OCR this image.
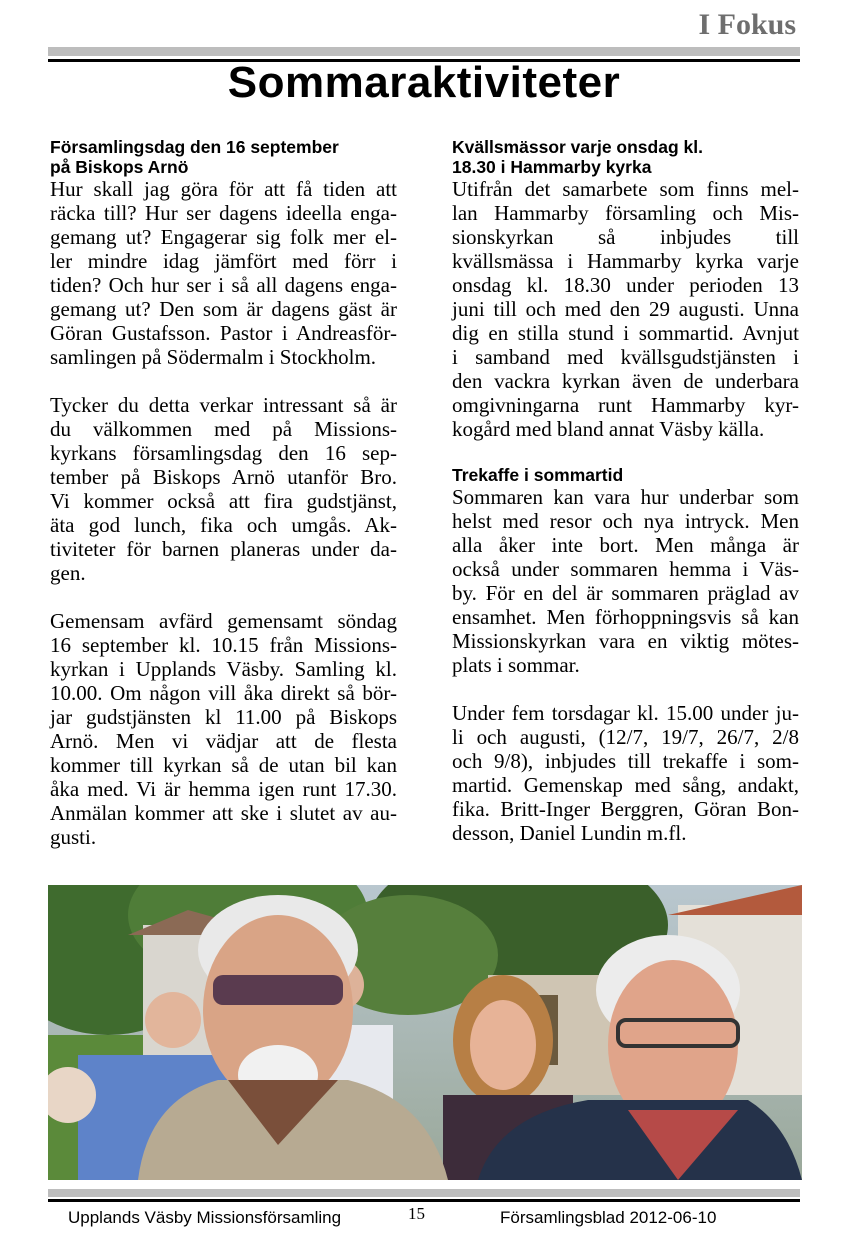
I Fokus
Sommaraktiviteter
Församlingsdag den 16 september
på Biskops Arnö
Hur skall jag göra för att få tiden att
räcka till? Hur ser dagens ideella enga-
gemang ut? Engagerar sig folk mer el-
ler mindre idag jämfört med förr i
tiden? Och hur ser i så all dagens enga-
gemang ut? Den som är dagens gäst är
Göran Gustafsson. Pastor i Andreasför-
samlingen på Södermalm i Stockholm.
Tycker du detta verkar intressant så är
du välkommen med på Missions-
kyrkans församlingsdag den 16 sep-
tember på Biskops Arnö utanför Bro.
Vi kommer också att fira gudstjänst,
äta god lunch, fika och umgås. Ak-
tiviteter för barnen planeras under da-
gen.
Gemensam avfärd gemensamt söndag
16 september kl. 10.15 från Missions-
kyrkan i Upplands Väsby. Samling kl.
10.00. Om någon vill åka direkt så bör-
jar gudstjänsten kl 11.00 på Biskops
Arnö. Men vi vädjar att de flesta
kommer till kyrkan så de utan bil kan
åka med. Vi är hemma igen runt 17.30.
Anmälan kommer att ske i slutet av au-
gusti.
Kvällsmässor varje onsdag kl.
18.30 i Hammarby kyrka
Utifrån det samarbete som finns mel-
lan Hammarby församling och Mis-
sionskyrkan så inbjudes till
kvällsmässa i Hammarby kyrka varje
onsdag kl. 18.30 under perioden 13
juni till och med den 29 augusti. Unna
dig en stilla stund i sommartid. Avnjut
i samband med kvällsgudstjänsten i
den vackra kyrkan även de underbara
omgivningarna runt Hammarby kyr-
kogård med bland annat Väsby källa.
Trekaffe i sommartid
Sommaren kan vara hur underbar som
helst med resor och nya intryck. Men
alla åker inte bort. Men många är
också under sommaren hemma i Väs-
by. För en del är sommaren präglad av
ensamhet. Men förhoppningsvis så kan
Missionskyrkan vara en viktig mötes-
plats i sommar.
Under fem torsdagar kl. 15.00 under ju-
li och augusti, (12/7, 19/7, 26/7, 2/8
och 9/8), inbjudes till trekaffe i som-
martid. Gemenskap med sång, andakt,
fika. Britt-Inger Berggren, Göran Bon-
desson, Daniel Lundin m.fl.
Upplands Väsby Missionsförsamling	15	Församlingsblad 2012-06-10
